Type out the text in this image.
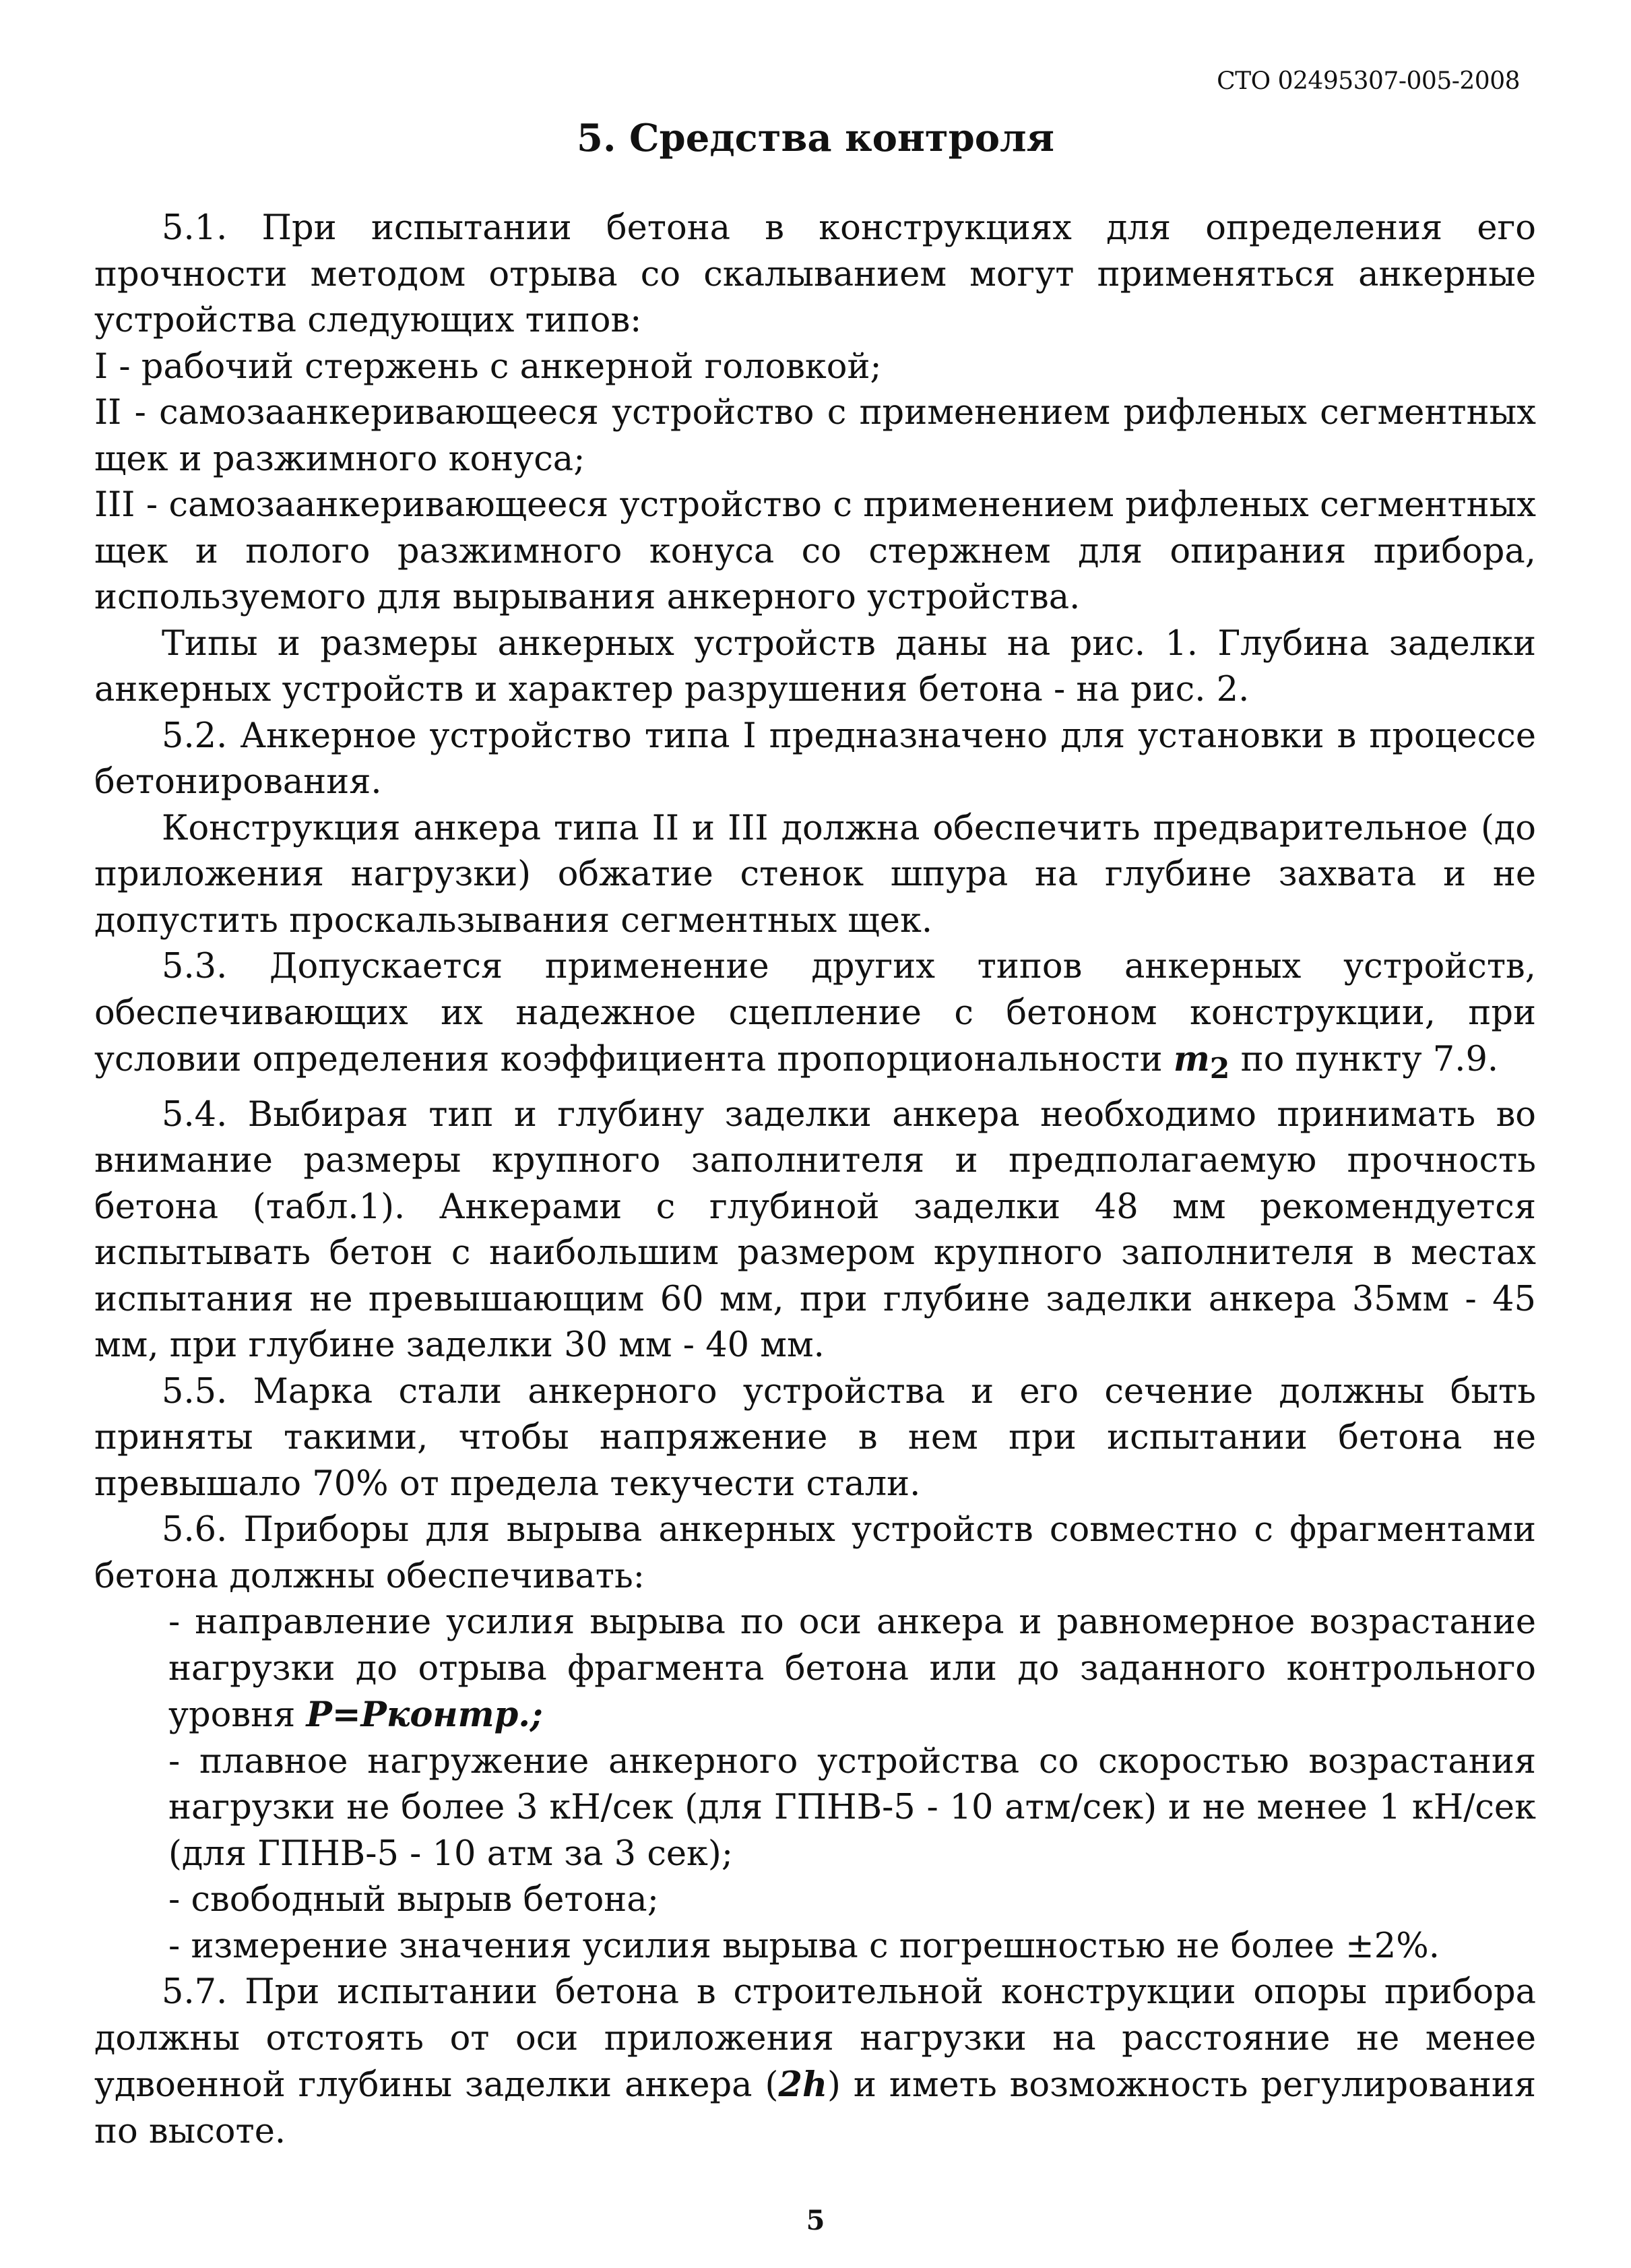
СТО 02495307-005-2008
5. Средства контроля

5.1. При испытании бетона в конструкциях для определения его прочности методом отрыва со скалыванием могут применяться анкерные устройства следующих типов:

I - рабочий стержень с анкерной головкой;

II - самозаанкеривающееся устройство с применением рифленых сегментных щек и разжимного конуса;

III - самозаанкеривающееся устройство с применением рифленых сегментных щек и полого разжимного конуса со стержнем для опирания прибора, используемого для вырывания анкерного устройства.

Типы и размеры анкерных устройств даны на рис. 1. Глубина заделки анкерных устройств и характер разрушения бетона - на рис. 2.

5.2. Анкерное устройство типа I предназначено для установки в процессе бетонирования.

Конструкция анкера типа II и III должна обеспечить предварительное (до приложения нагрузки) обжатие стенок шпура на глубине захвата и не допустить проскальзывания сегментных щек.

5.3. Допускается применение других типов анкерных устройств, обеспечивающих их надежное сцепление с бетоном конструкции, при условии определения коэффициента пропорциональности $m_2$ по пункту 7.9.

5.4. Выбирая тип и глубину заделки анкера необходимо принимать во внимание размеры крупного заполнителя и предполагаемую прочность бетона (табл.1). Анкерами с глубиной заделки 48 мм рекомендуется испытывать бетон с наибольшим размером крупного заполнителя в местах испытания не превышающим 60 мм, при глубине заделки анкера 35мм - 45 мм, при глубине заделки 30 мм - 40 мм.

5.5. Марка стали анкерного устройства и его сечение должны быть приняты такими, чтобы напряжение в нем при испытании бетона не превышало 70% от предела текучести стали.

5.6. Приборы для вырыва анкерных устройств совместно с фрагментами бетона должны обеспечивать:

- направление усилия вырыва по оси анкера и равномерное возрастание нагрузки до отрыва фрагмента бетона или до заданного контрольного уровня P=Pконтр.;

- плавное нагружение анкерного устройства со скоростью возрастания нагрузки не более 3 кН/сек (для ГПНВ-5 - 10 атм/сек) и не менее 1 кН/сек (для ГПНВ-5 - 10 атм за 3 сек);

- свободный вырыв бетона;

- измерение значения усилия вырыва с погрешностью не более ±2%.

5.7. При испытании бетона в строительной конструкции опоры прибора должны отстоять от оси приложения нагрузки на расстояние не менее удвоенной глубины заделки анкера (2h) и иметь возможность регулирования по высоте.

5
